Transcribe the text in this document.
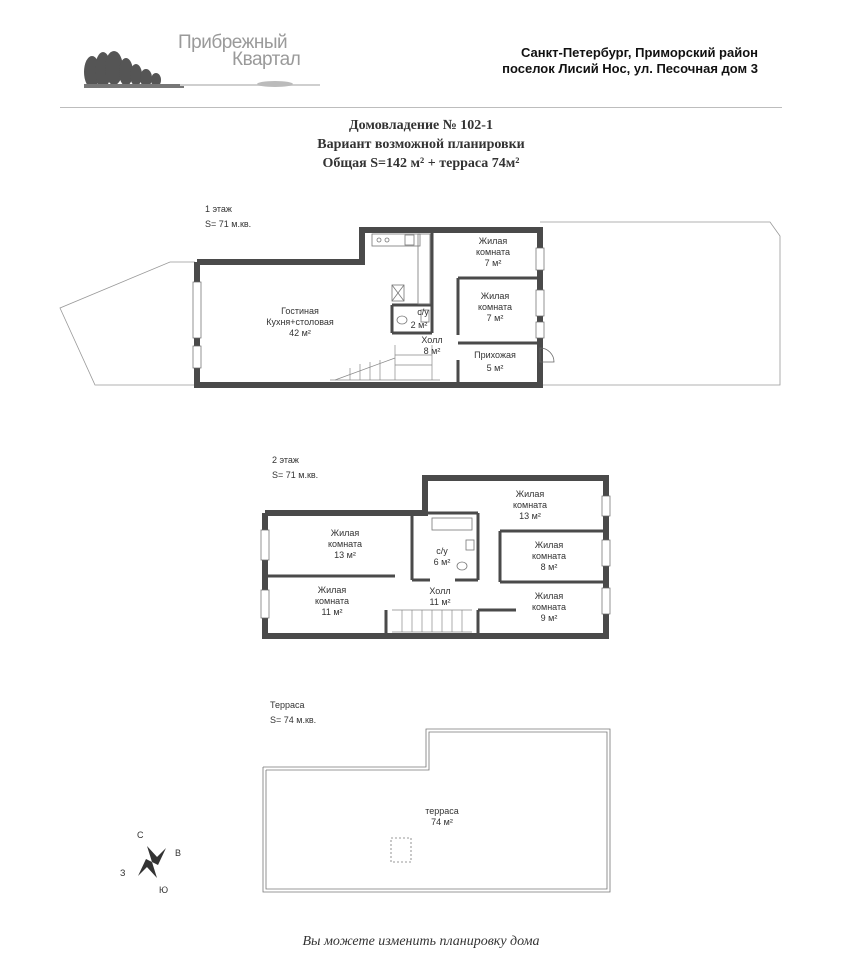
Прибрежный
Квартал	Санкт-Петербург, Приморский район
поселок Лисий Нос, ул. Песочная дом 3
Домовладение № 102-1
Вариант возможной планировки
Общая S=142 м² + терраса 74м²
1 этаж
S= 71 м.кв.
Гостиная
Кухня+столовая
42 м²
Жилая
комната
7 м²
Жилая
комната
7 м²
с/у
2 м²
Холл
8 м²	Прихожая
5 м²
2 этаж
S= 71 м.кв.
Жилая
комната
13 м²
Жилая
комната
11 м²
с/у
6 м²
Холл
11 м²
Жилая
комната
13 м²
Жилая
комната
8 м²
Жилая
комната
9 м²
Терраса
S= 74 м.кв.
терраса
74 м²
С
В
Ю
З
Вы можете изменить планировку дома
